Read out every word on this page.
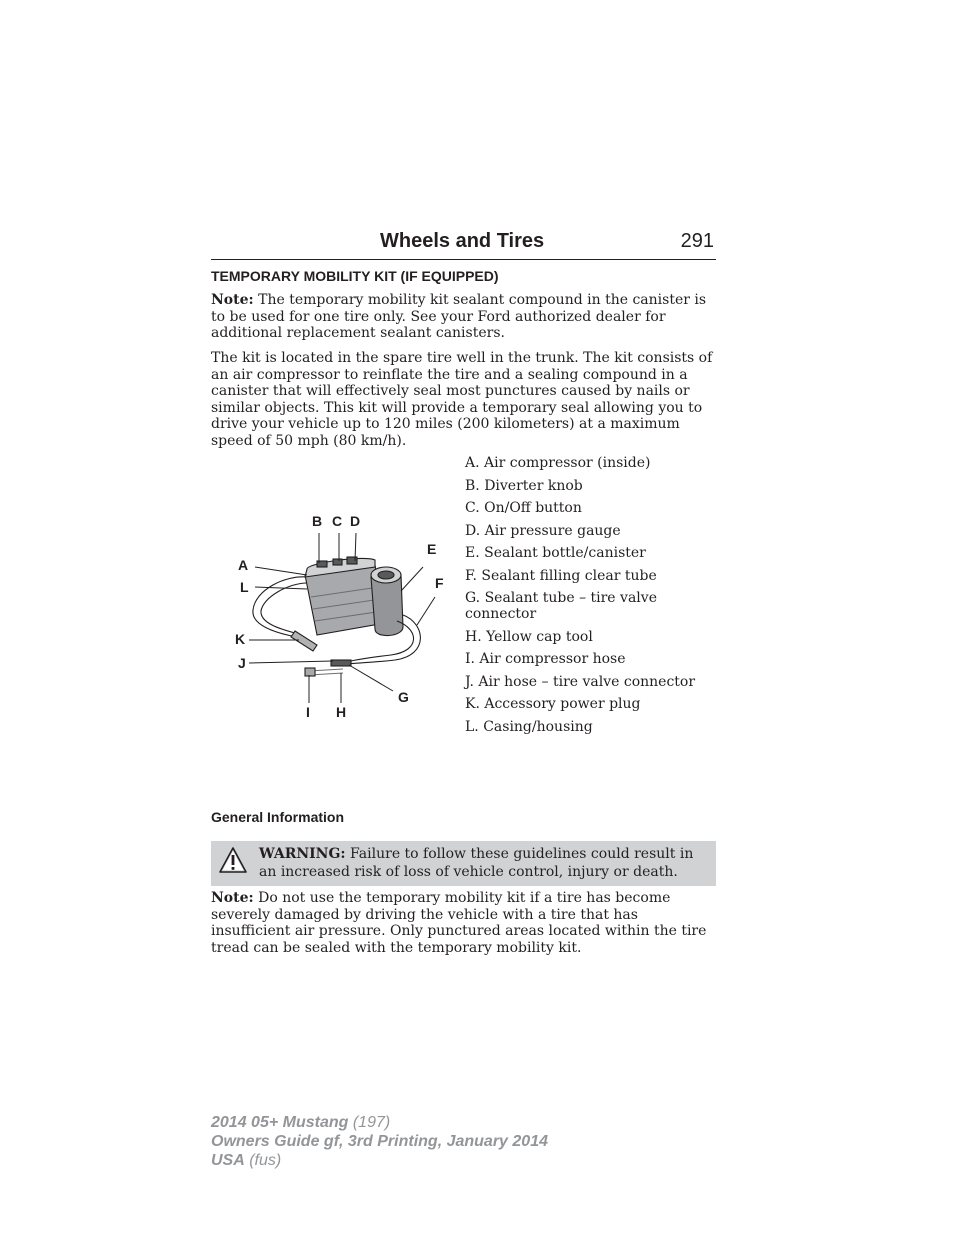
Wheels and Tires	291
TEMPORARY MOBILITY KIT (IF EQUIPPED)
Note: The temporary mobility kit sealant compound in the canister is to be used for one tire only. See your Ford authorized dealer for additional replacement sealant canisters.
The kit is located in the spare tire well in the trunk. The kit consists of an air compressor to reinflate the tire and a sealing compound in a canister that will effectively seal most punctures caused by nails or similar objects. This kit will provide a temporary seal allowing you to drive your vehicle up to 120 miles (200 kilometers) at a maximum speed of 50 mph (80 km/h).
B C D
A
L
E
F
K
J
G
I H
A. Air compressor (inside)
B. Diverter knob
C. On/Off button
D. Air pressure gauge
E. Sealant bottle/canister
F. Sealant filling clear tube
G. Sealant tube – tire valve connector
H. Yellow cap tool
I. Air compressor hose
J. Air hose – tire valve connector
K. Accessory power plug
L. Casing/housing
General Information
WARNING: Failure to follow these guidelines could result in an increased risk of loss of vehicle control, injury or death.
Note: Do not use the temporary mobility kit if a tire has become severely damaged by driving the vehicle with a tire that has insufficient air pressure. Only punctured areas located within the tire tread can be sealed with the temporary mobility kit.
2014 05+ Mustang (197)
Owners Guide gf, 3rd Printing, January 2014
USA (fus)
